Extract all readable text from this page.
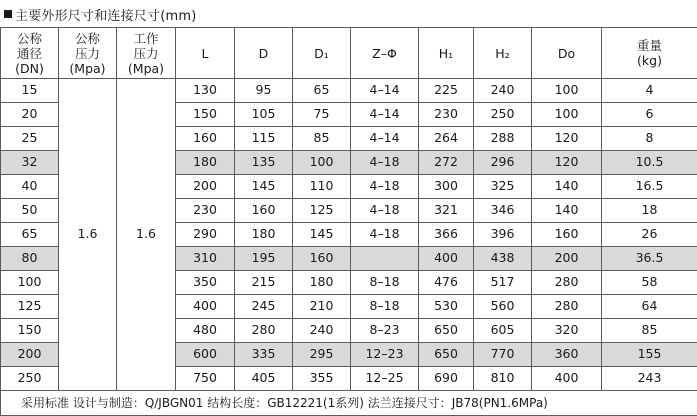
主要外形尺寸和连接尺寸(mm)
公称
通径
(DN)	公称
压力
(Mpa)	工作
压力
(Mpa)	L	D	D₁	Z–Φ	H₁	H₂	Do	重量
(kg)

15	1.6	1.6	130	95	65	4–14	225	240	100	4
20			150	105	75	4–14	230	250	100	6
25			160	115	85	4–14	264	288	120	8
32			180	135	100	4–18	272	296	120	10.5
40			200	145	110	4–18	300	325	140	16.5
50			230	160	125	4–18	321	346	140	18
65			290	180	145	4–18	366	396	160	26
80			310	195	160		400	438	200	36.5
100			350	215	180	8–18	476	517	280	58
125			400	245	210	8–18	530	560	280	64
150			480	280	240	8–23	650	605	320	85
200			600	335	295	12–23	650	770	360	155
250			750	405	355	12–25	690	810	400	243
采用标准 设计与制造：Q/JBGN01 结构长度：GB12221(1系列) 法兰连接尺寸：JB78(PN1.6MPa)										
